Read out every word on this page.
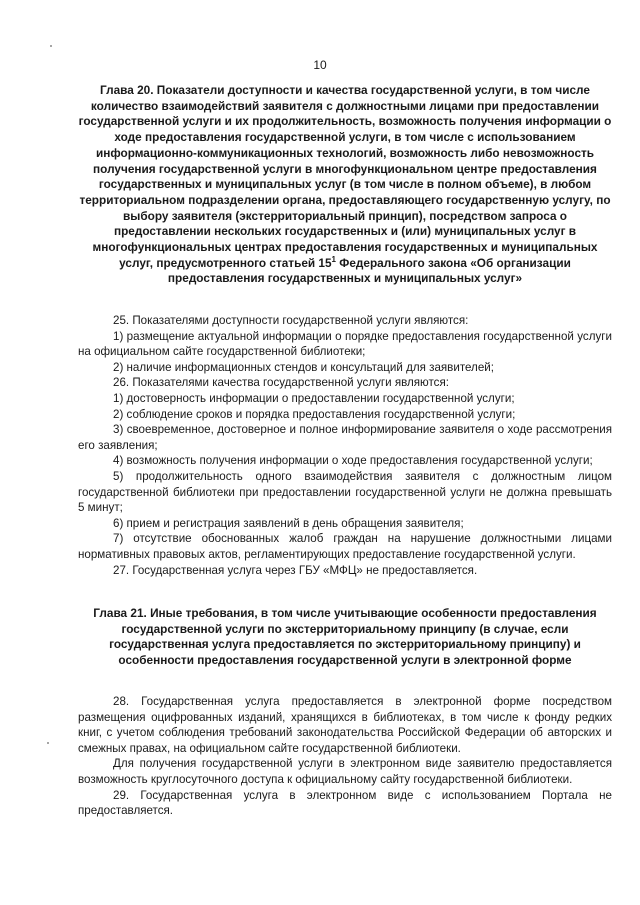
10
Глава 20. Показатели доступности и качества государственной услуги, в том числе количество взаимодействий заявителя с должностными лицами при предоставлении государственной услуги и их продолжительность, возможность получения информации о ходе предоставления государственной услуги, в том числе с использованием информационно-коммуникационных технологий, возможность либо невозможность получения государственной услуги в многофункциональном центре предоставления государственных и муниципальных услуг (в том числе в полном объеме), в любом территориальном подразделении органа, предоставляющего государственную услугу, по выбору заявителя (экстерриториальный принцип), посредством запроса о предоставлении нескольких государственных и (или) муниципальных услуг в многофункциональных центрах предоставления государственных и муниципальных услуг, предусмотренного статьей $15^1$ Федерального закона «Об организации предоставления государственных и муниципальных услуг»

25. Показателями доступности государственной услуги являются:

1) размещение актуальной информации о порядке предоставления государственной услуги на официальном сайте государственной библиотеки;

2) наличие информационных стендов и консультаций для заявителей;

26. Показателями качества государственной услуги являются:

1) достоверность информации о предоставлении государственной услуги;

2) соблюдение сроков и порядка предоставления государственной услуги;

3) своевременное, достоверное и полное информирование заявителя о ходе рассмотрения его заявления;

4) возможность получения информации о ходе предоставления государственной услуги;

5) продолжительность одного взаимодействия заявителя с должностным лицом государственной библиотеки при предоставлении государственной услуги не должна превышать 5 минут;

6) прием и регистрация заявлений в день обращения заявителя;

7) отсутствие обоснованных жалоб граждан на нарушение должностными лицами нормативных правовых актов, регламентирующих предоставление государственной услуги.

27. Государственная услуга через ГБУ «МФЦ» не предоставляется.

Глава 21. Иные требования, в том числе учитывающие особенности предоставления государственной услуги по экстерриториальному принципу (в случае, если государственная услуга предоставляется по экстерриториальному принципу) и особенности предоставления государственной услуги в электронной форме

28. Государственная услуга предоставляется в электронной форме посредством размещения оцифрованных изданий, хранящихся в библиотеках, в том числе к фонду редких книг, с учетом соблюдения требований законодательства Российской Федерации об авторских и смежных правах, на официальном сайте государственной библиотеки.

Для получения государственной услуги в электронном виде заявителю предоставляется возможность круглосуточного доступа к официальному сайту государственной библиотеки.

29. Государственная услуга в электронном виде с использованием Портала не предоставляется.
